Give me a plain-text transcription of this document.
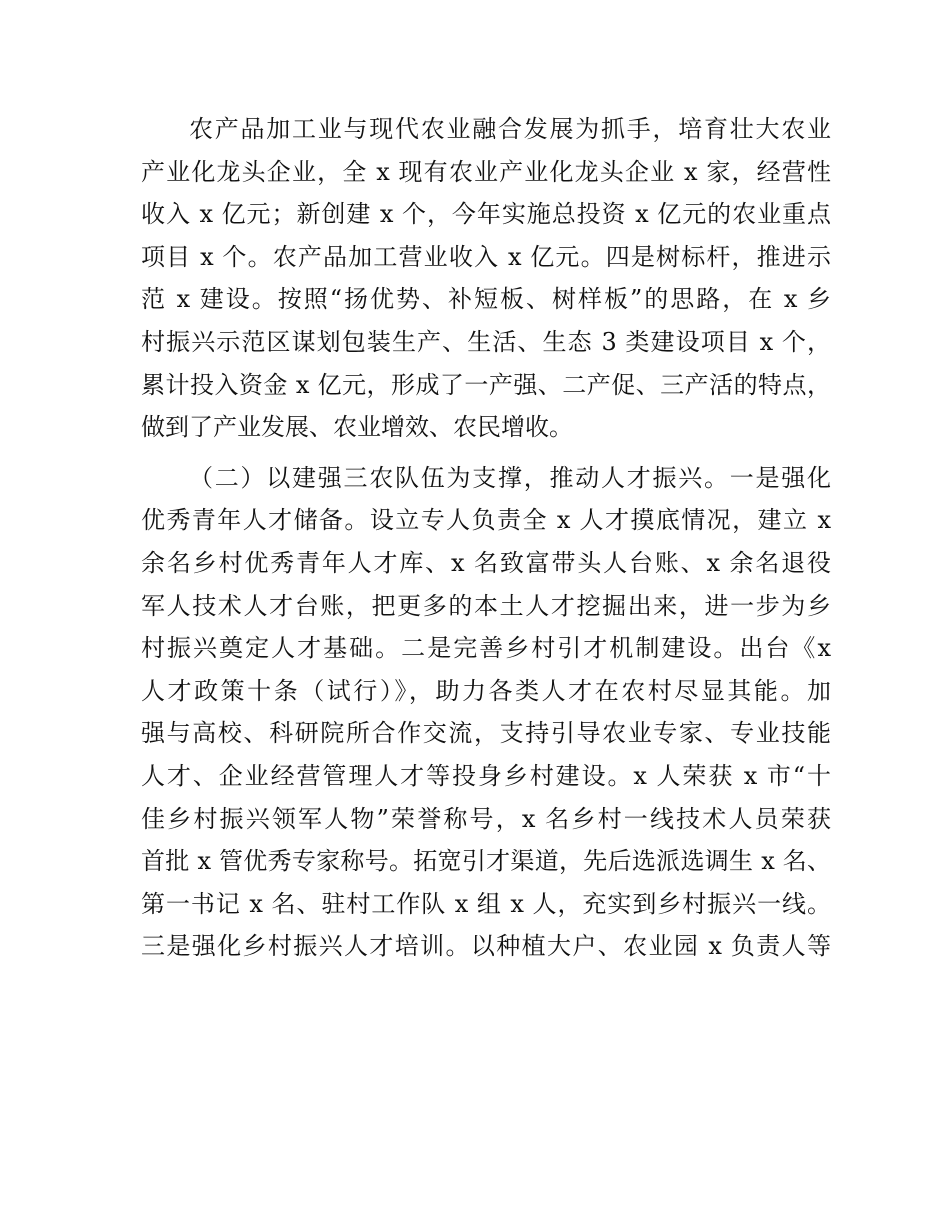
农产品加工业与现代农业融合发展为抓手，培育壮大农业
产业化龙头企业，全 x 现有农业产业化龙头企业 x 家，经营性
收入 x 亿元；新创建 x 个，今年实施总投资 x 亿元的农业重点
项目 x 个。农产品加工营业收入 x 亿元。四是树标杆，推进示
范 x 建设。按照“扬优势、补短板、树样板”的思路，在 x 乡
村振兴示范区谋划包装生产、生活、生态 3 类建设项目 x 个，
累计投入资金 x 亿元，形成了一产强、二产促、三产活的特点，
做到了产业发展、农业增效、农民增收。
（二）以建强三农队伍为支撑，推动人才振兴。一是强化
优秀青年人才储备。设立专人负责全 x 人才摸底情况，建立 x
余名乡村优秀青年人才库、x 名致富带头人台账、x 余名退役
军人技术人才台账，把更多的本土人才挖掘出来，进一步为乡
村振兴奠定人才基础。二是完善乡村引才机制建设。出台《x
人才政策十条（试行）》，助力各类人才在农村尽显其能。加
强与高校、科研院所合作交流，支持引导农业专家、专业技能
人才、企业经营管理人才等投身乡村建设。x 人荣获 x 市“十
佳乡村振兴领军人物”荣誉称号，x 名乡村一线技术人员荣获
首批 x 管优秀专家称号。拓宽引才渠道，先后选派选调生 x 名、
第一书记 x 名、驻村工作队 x 组 x 人，充实到乡村振兴一线。
三是强化乡村振兴人才培训。以种植大户、农业园 x 负责人等
